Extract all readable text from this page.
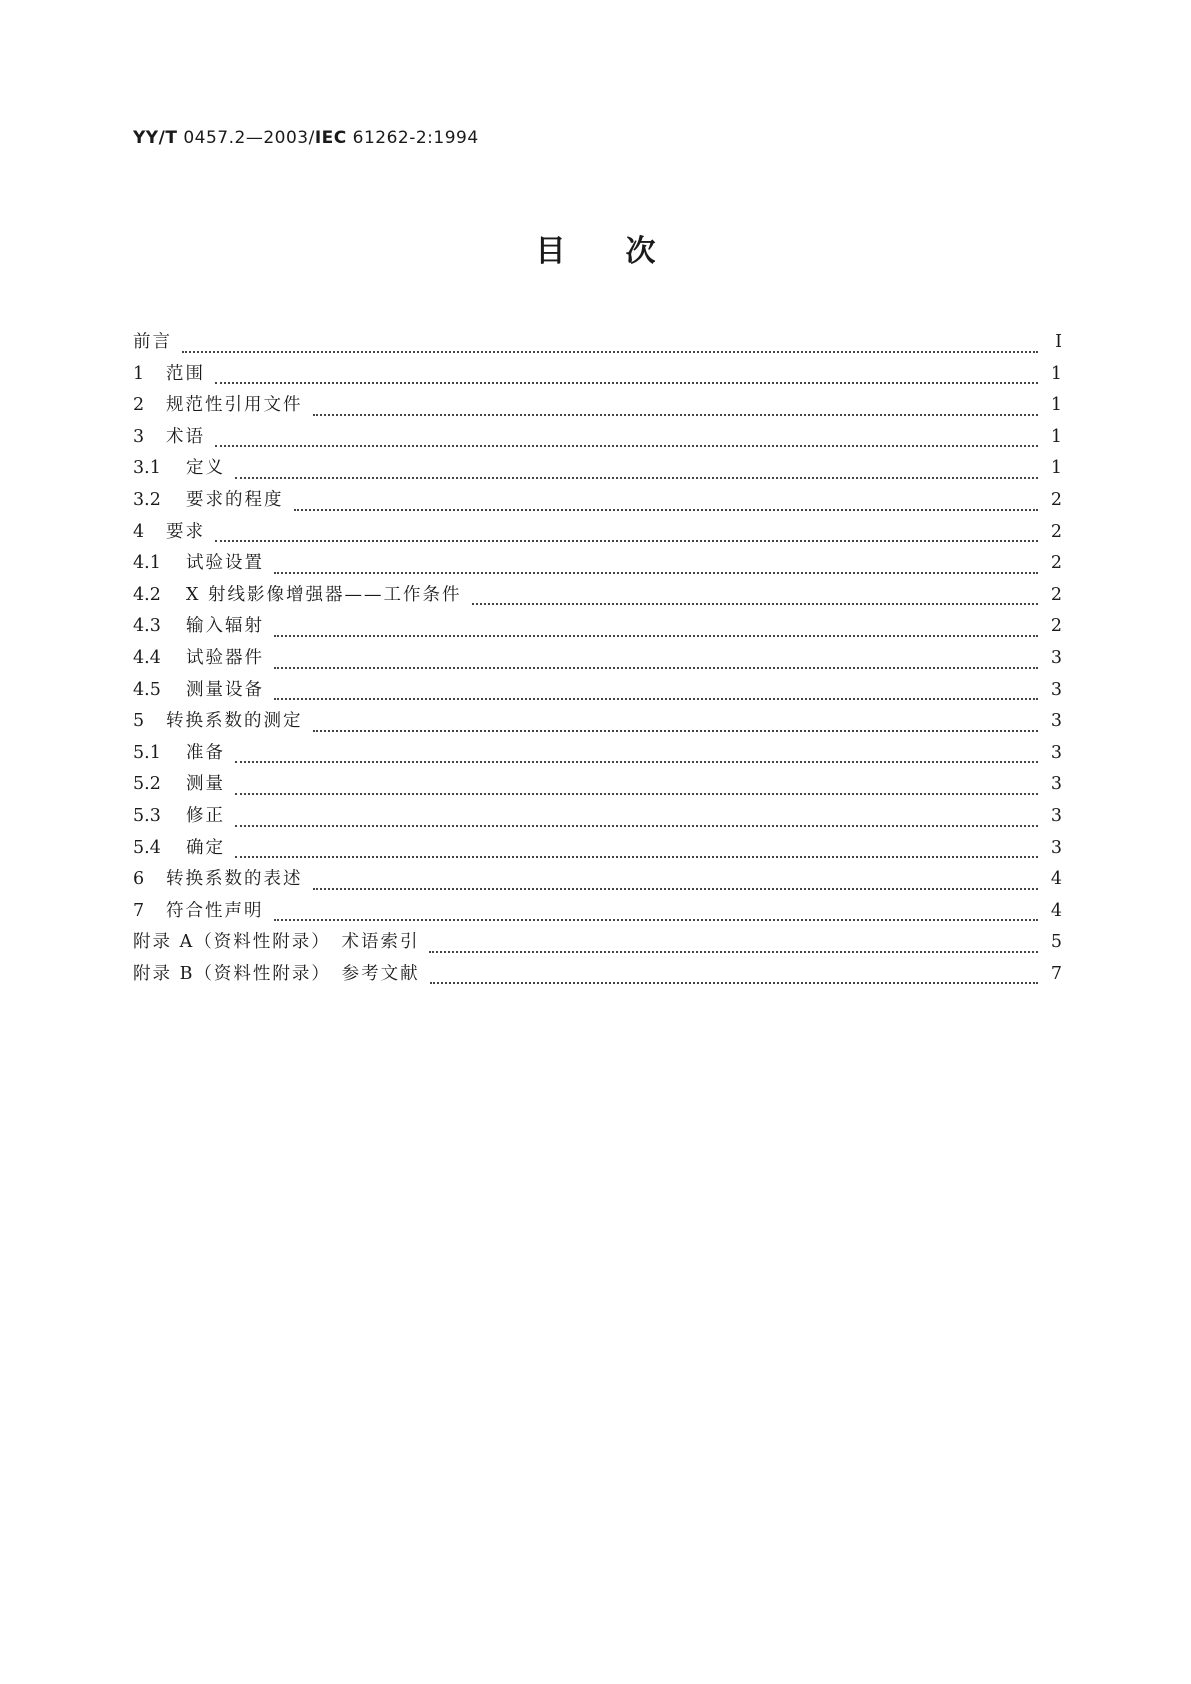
YY/T 0457.2—2003/IEC 61262-2:1994
目次
前言	I
1	范围	1
2	规范性引用文件	1
3	术语	1
3.1	定义	1
3.2	要求的程度	2
4	要求	2
4.1	试验设置	2
4.2	X 射线影像增强器——工作条件	2
4.3	输入辐射	2
4.4	试验器件	3
4.5	测量设备	3
5	转换系数的测定	3
5.1	准备	3
5.2	测量	3
5.3	修正	3
5.4	确定	3
6	转换系数的表述	4
7	符合性声明	4
附录 A（资料性附录）　术语索引	5
附录 B（资料性附录）　参考文献	7
